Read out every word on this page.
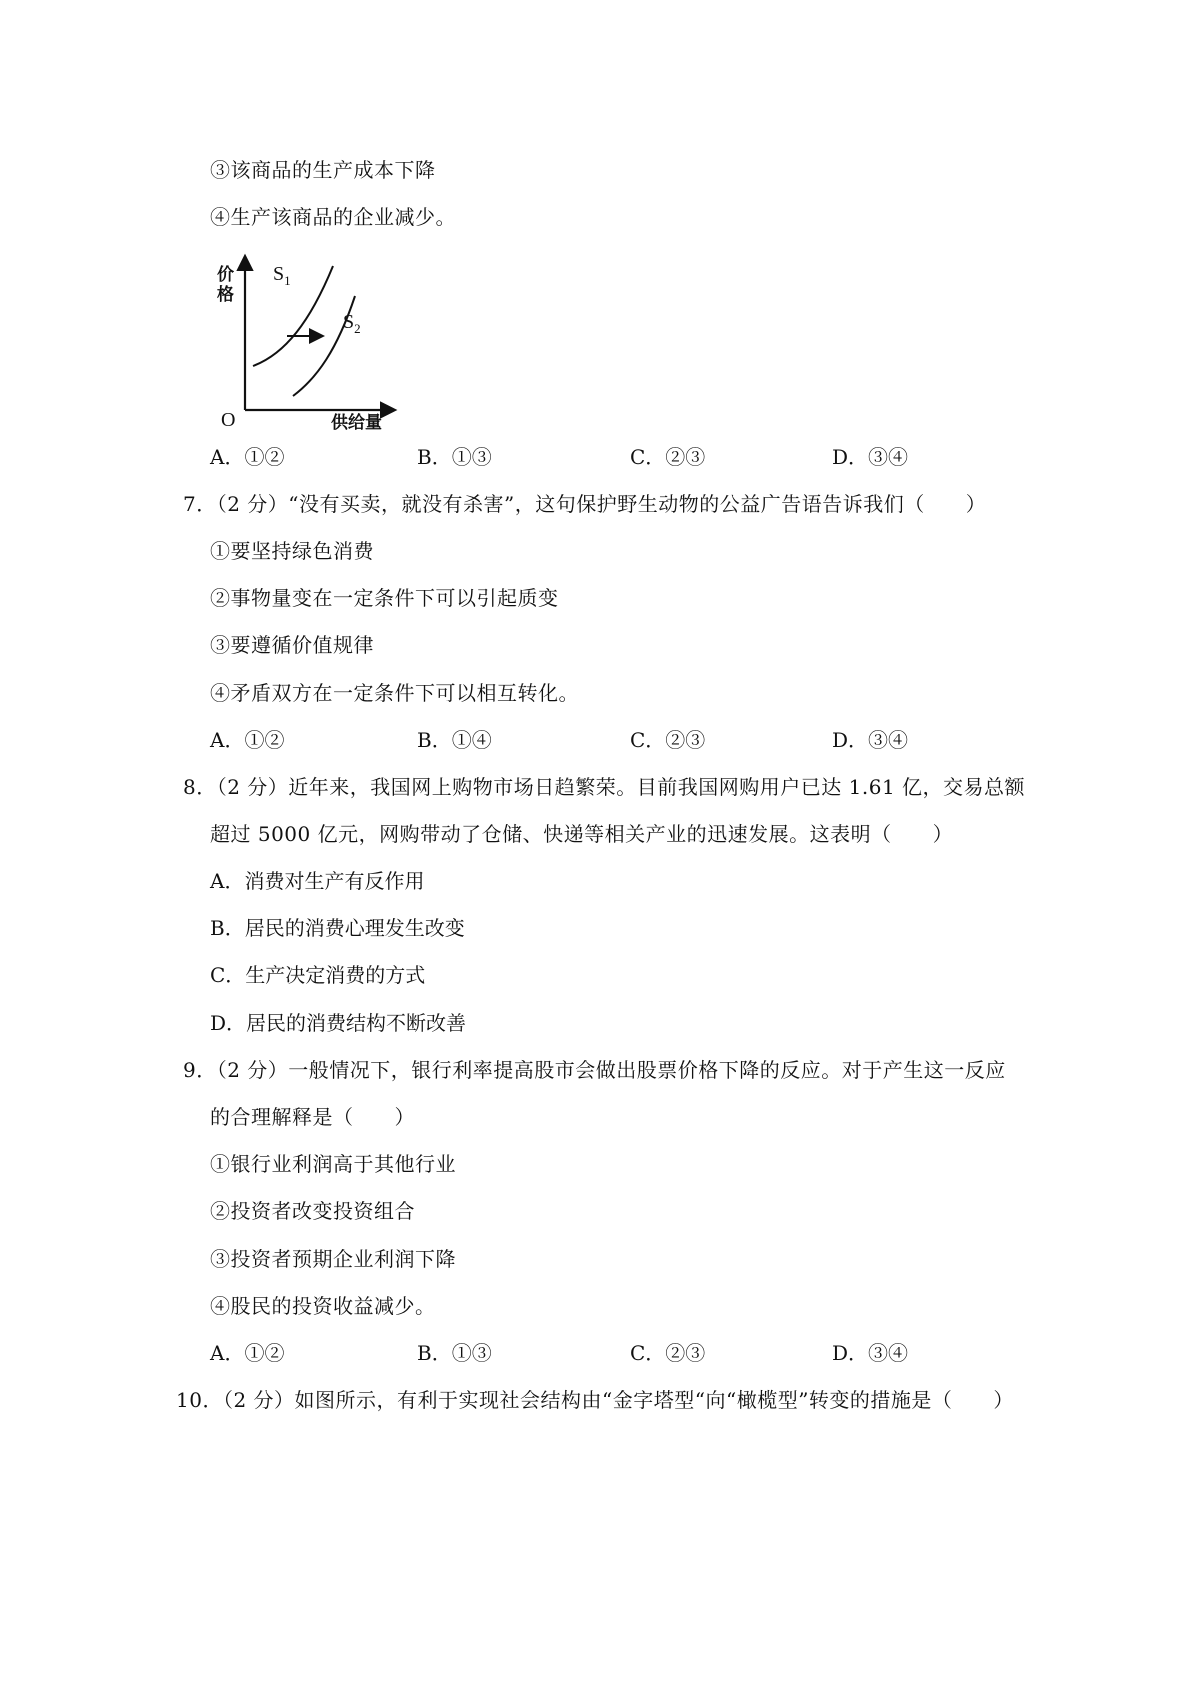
③该商品的生产成本下降
④生产该商品的企业减少。
价
格
O	供给量
$S_1$
$S_2$
A．①②	B．①③	C．②③	D．③④
7．（2 分）“没有买卖，就没有杀害”，这句保护野生动物的公益广告语告诉我们（　　）
①要坚持绿色消费
②事物量变在一定条件下可以引起质变
③要遵循价值规律
④矛盾双方在一定条件下可以相互转化。
A．①②	B．①④	C．②③	D．③④
8．（2 分）近年来，我国网上购物市场日趋繁荣。目前我国网购用户已达 1.61 亿，交易总额
超过 5000 亿元，网购带动了仓储、快递等相关产业的迅速发展。这表明（　　）
A．消费对生产有反作用
B．居民的消费心理发生改变
C．生产决定消费的方式
D．居民的消费结构不断改善
9．（2 分）一般情况下，银行利率提高股市会做出股票价格下降的反应。对于产生这一反应
的合理解释是（　　）
①银行业利润高于其他行业
②投资者改变投资组合
③投资者预期企业利润下降
④股民的投资收益减少。
A．①②	B．①③	C．②③	D．③④
10．（2 分）如图所示，有利于实现社会结构由“金字塔型“向“橄榄型”转变的措施是（　　）
